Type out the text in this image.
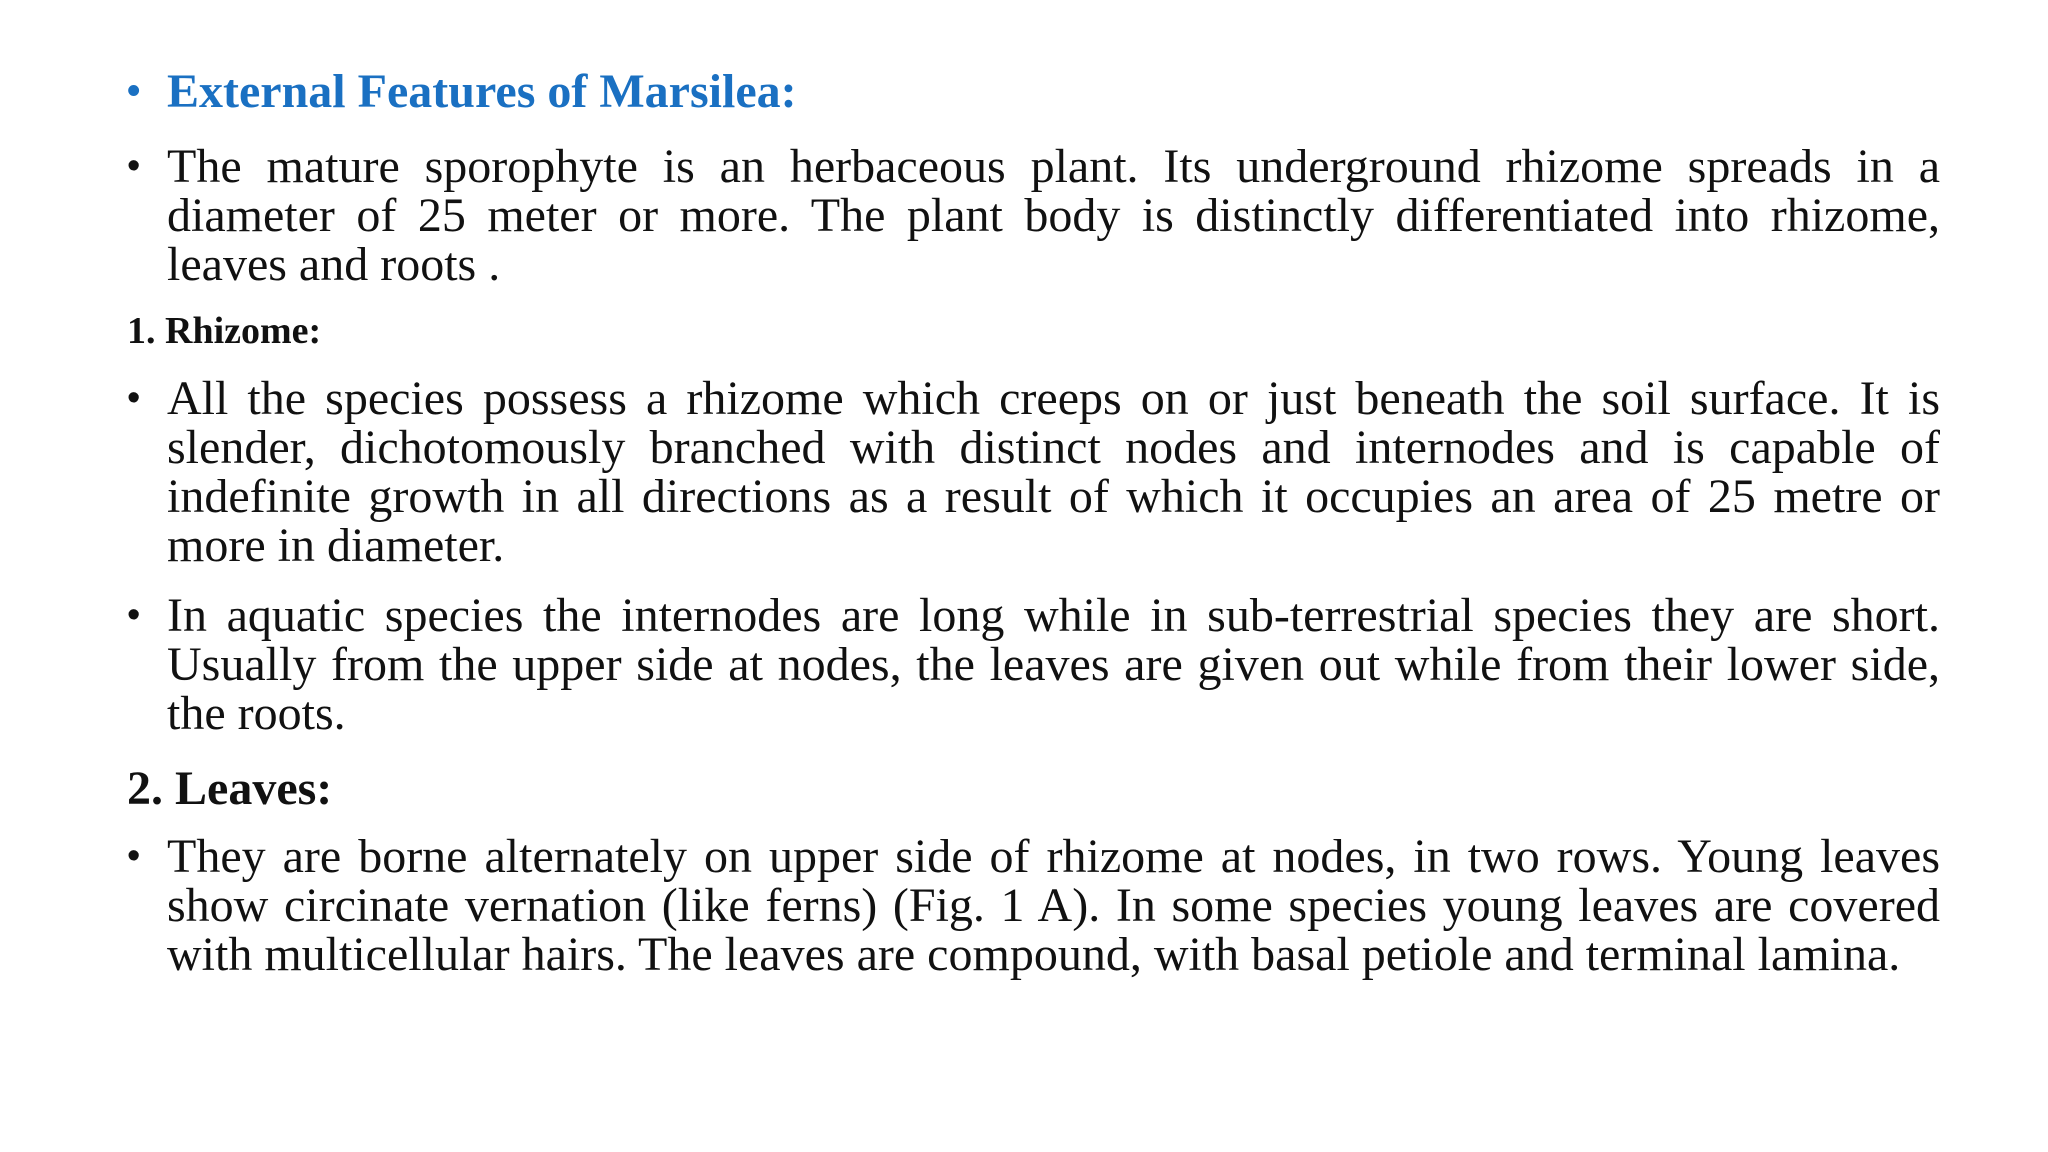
• External Features of Marsilea:
• The mature sporophyte is an herbaceous plant. Its underground rhizome spreads in a diameter of 25 meter or more. The plant body is distinctly differentiated into rhizome, leaves and roots .
1. Rhizome:
• All the species possess a rhizome which creeps on or just beneath the soil surface. It is slender, dichotomously branched with distinct nodes and internodes and is capable of indefinite growth in all directions as a result of which it occupies an area of 25 metre or more in diameter.
• In aquatic species the internodes are long while in sub-terrestrial species they are short. Usually from the upper side at nodes, the leaves are given out while from their lower side, the roots.
2. Leaves:
• They are borne alternately on upper side of rhizome at nodes, in two rows. Young leaves show circinate vernation (like ferns) (Fig. 1 A). In some species young leaves are covered with multicellular hairs. The leaves are compound, with basal petiole and terminal lamina.
